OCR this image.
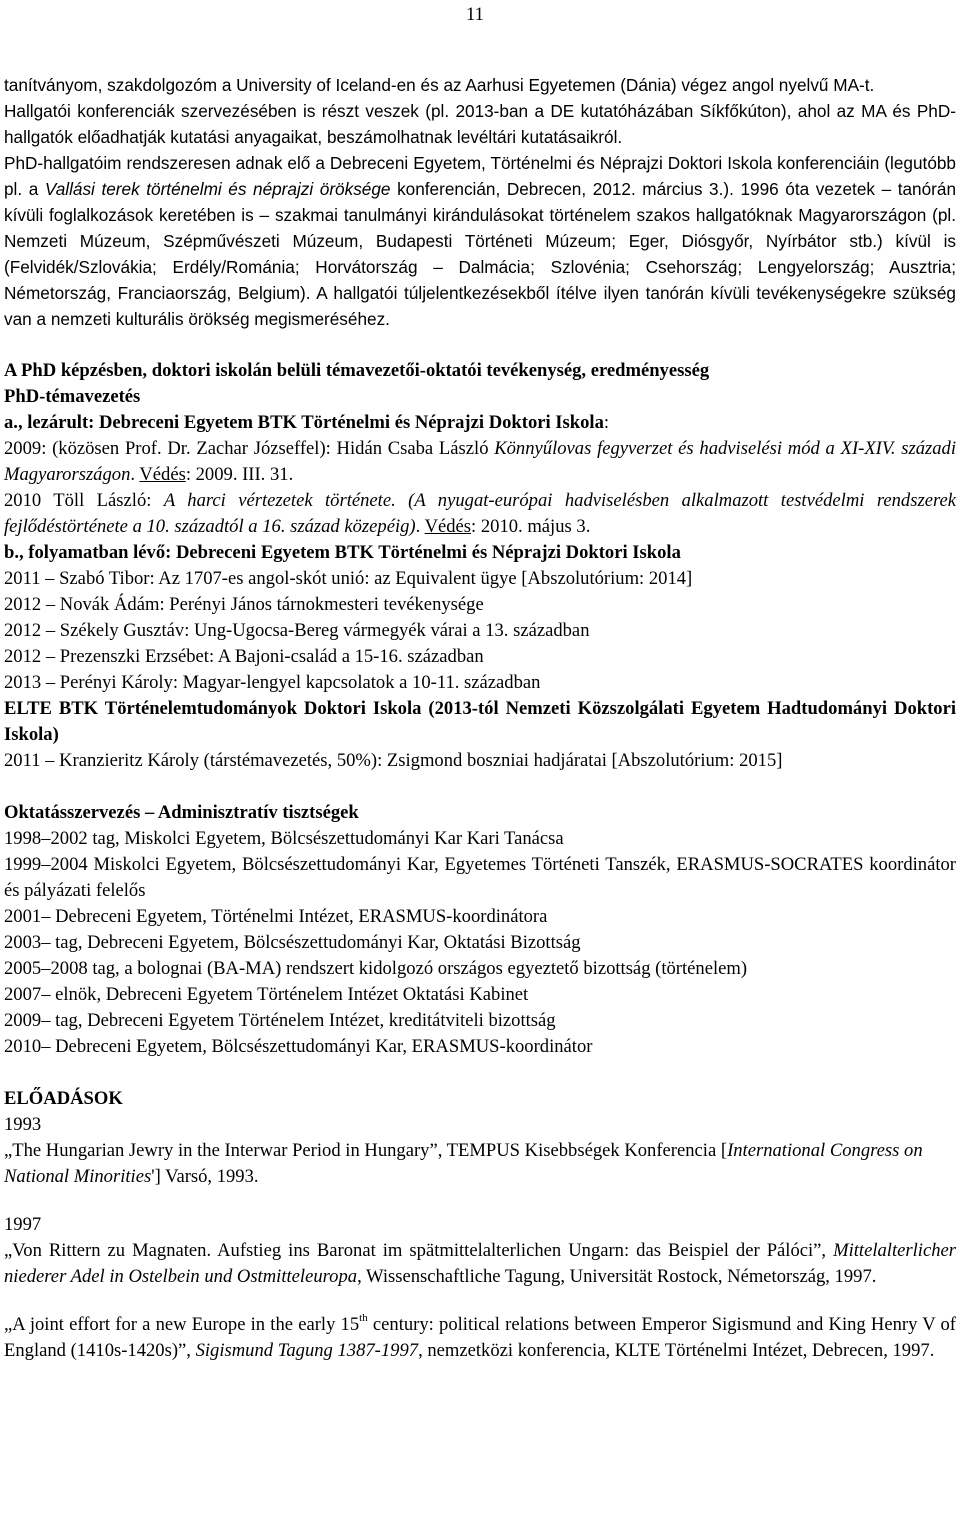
11

tanítványom, szakdolgozóm a University of Iceland-en és az Aarhusi Egyetemen (Dánia) végez angol nyelvű MA-t.

Hallgatói konferenciák szervezésében is részt veszek (pl. 2013-ban a DE kutatóházában Síkfőkúton), ahol az MA és PhD-hallgatók előadhatják kutatási anyagaikat, beszámolhatnak levéltári kutatásaikról.

PhD-hallgatóim rendszeresen adnak elő a Debreceni Egyetem, Történelmi és Néprajzi Doktori Iskola konferenciáin (legutóbb pl. a Vallási terek történelmi és néprajzi öröksége konferencián, Debrecen, 2012. március 3.). 1996 óta vezetek – tanórán kívüli foglalkozások keretében is – szakmai tanulmányi kirándulásokat történelem szakos hallgatóknak Magyarországon (pl. Nemzeti Múzeum, Szépművészeti Múzeum, Budapesti Történeti Múzeum; Eger, Diósgyőr, Nyírbátor stb.) kívül is (Felvidék/Szlovákia; Erdély/Románia; Horvátország – Dalmácia; Szlovénia; Csehország; Lengyelország; Ausztria; Németország, Franciaország, Belgium). A hallgatói túljelentkezésekből ítélve ilyen tanórán kívüli tevékenységekre szükség van a nemzeti kulturális örökség megismeréséhez.

A PhD képzésben, doktori iskolán belüli témavezetői-oktatói tevékenység, eredményesség

PhD-témavezetés

a., lezárult: Debreceni Egyetem BTK Történelmi és Néprajzi Doktori Iskola:

2009: (közösen Prof. Dr. Zachar Józseffel): Hidán Csaba László Könnyűlovas fegyverzet és hadviselési mód a XI-XIV. századi Magyarországon. Védés: 2009. III. 31.

2010 Töll László: A harci vértezetek története. (A nyugat-európai hadviselésben alkalmazott testvédelmi rendszerek fejlődéstörténete a 10. századtól a 16. század közepéig). Védés: 2010. május 3.

b., folyamatban lévő: Debreceni Egyetem BTK Történelmi és Néprajzi Doktori Iskola

2011 – Szabó Tibor: Az 1707-es angol-skót unió: az Equivalent ügye [Abszolutórium: 2014]

2012 – Novák Ádám: Perényi János tárnokmesteri tevékenysége

2012 – Székely Gusztáv: Ung-Ugocsa-Bereg vármegyék várai a 13. században

2012 – Prezenszki Erzsébet: A Bajoni-család a 15-16. században

2013 – Perényi Károly: Magyar-lengyel kapcsolatok a 10-11. században

ELTE BTK Történelemtudományok Doktori Iskola (2013-tól Nemzeti Közszolgálati Egyetem Hadtudományi Doktori Iskola)

2011 – Kranzieritz Károly (társtémavezetés, 50%): Zsigmond boszniai hadjáratai [Abszolutórium: 2015]

Oktatásszervezés – Adminisztratív tisztségek

1998–2002 tag, Miskolci Egyetem, Bölcsészettudományi Kar Kari Tanácsa

1999–2004 Miskolci Egyetem, Bölcsészettudományi Kar, Egyetemes Történeti Tanszék, ERASMUS-SOCRATES koordinátor és pályázati felelős

2001– Debreceni Egyetem, Történelmi Intézet, ERASMUS-koordinátora

2003– tag, Debreceni Egyetem, Bölcsészettudományi Kar, Oktatási Bizottság

2005–2008 tag, a bolognai (BA-MA) rendszert kidolgozó országos egyeztető bizottság (történelem)

2007– elnök, Debreceni Egyetem Történelem Intézet Oktatási Kabinet

2009– tag, Debreceni Egyetem Történelem Intézet, kreditátviteli bizottság

2010– Debreceni Egyetem, Bölcsészettudományi Kar, ERASMUS-koordinátor

ELŐADÁSOK

1993

„The Hungarian Jewry in the Interwar Period in Hungary”, TEMPUS Kisebbségek Konferencia [International Congress on National Minorities'] Varsó, 1993.

1997

„Von Rittern zu Magnaten. Aufstieg ins Baronat im spätmittelalterlichen Ungarn: das Beispiel der Pálóci”, Mittelalterlicher niederer Adel in Ostelbein und Ostmitteleuropa, Wissenschaftliche Tagung, Universität Rostock, Németország, 1997.

„A joint effort for a new Europe in the early 15th century: political relations between Emperor Sigismund and King Henry V of England (1410s-1420s)”, Sigismund Tagung 1387-1997, nemzetközi konferencia, KLTE Történelmi Intézet, Debrecen, 1997.
